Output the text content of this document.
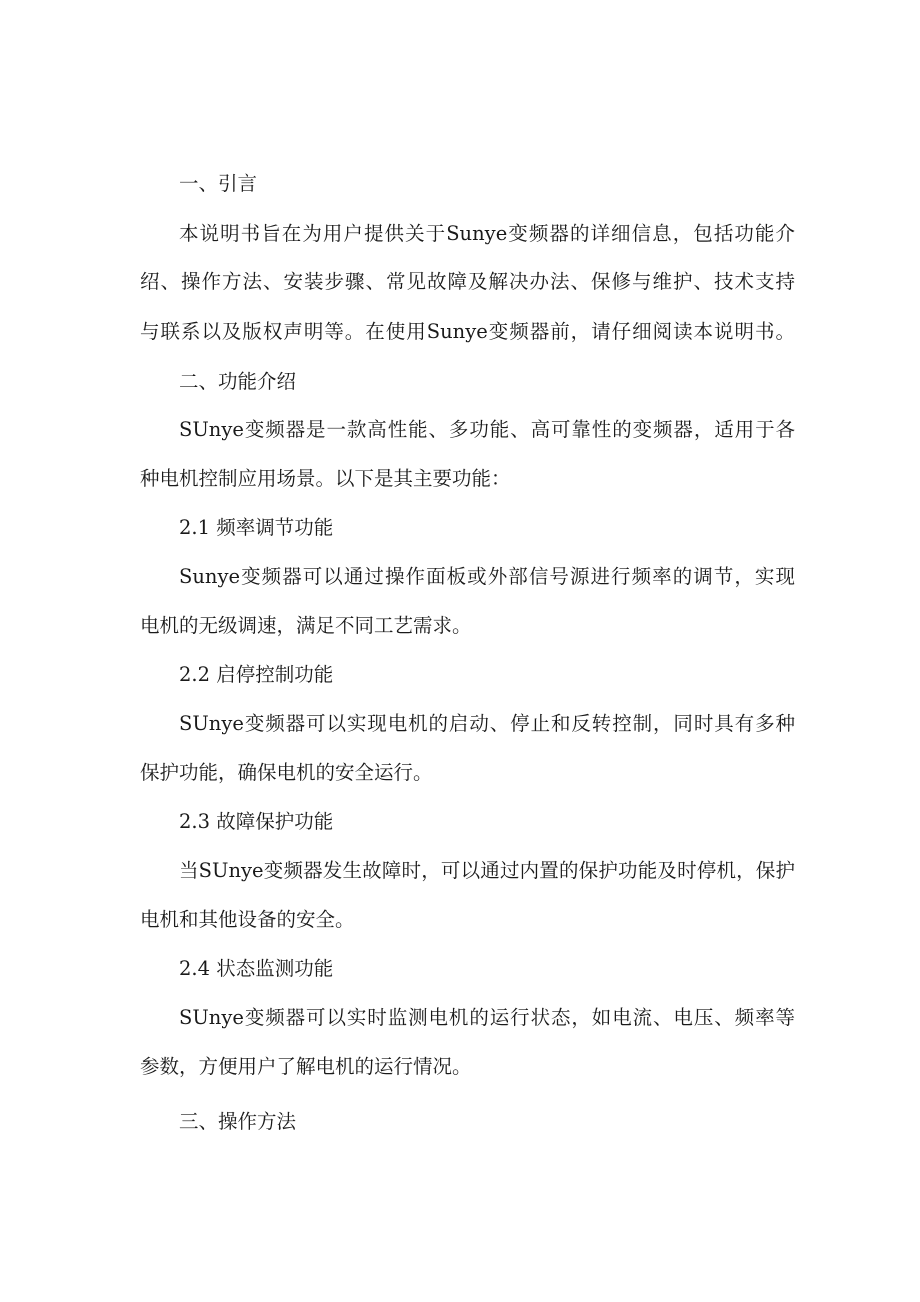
一、引言
本说明书旨在为用户提供关于Sunye变频器的详细信息，包括功能介
绍、操作方法、安装步骤、常见故障及解决办法、保修与维护、技术支持
与联系以及版权声明等。在使用Sunye变频器前，请仔细阅读本说明书。
二、功能介绍
SUnye变频器是一款高性能、多功能、高可靠性的变频器，适用于各
种电机控制应用场景。以下是其主要功能：
2.1 频率调节功能
Sunye变频器可以通过操作面板或外部信号源进行频率的调节，实现
电机的无级调速，满足不同工艺需求。
2.2 启停控制功能
SUnye变频器可以实现电机的启动、停止和反转控制，同时具有多种
保护功能，确保电机的安全运行。
2.3 故障保护功能
当SUnye变频器发生故障时，可以通过内置的保护功能及时停机，保护
电机和其他设备的安全。
2.4 状态监测功能
SUnye变频器可以实时监测电机的运行状态，如电流、电压、频率等
参数，方便用户了解电机的运行情况。
三、操作方法
